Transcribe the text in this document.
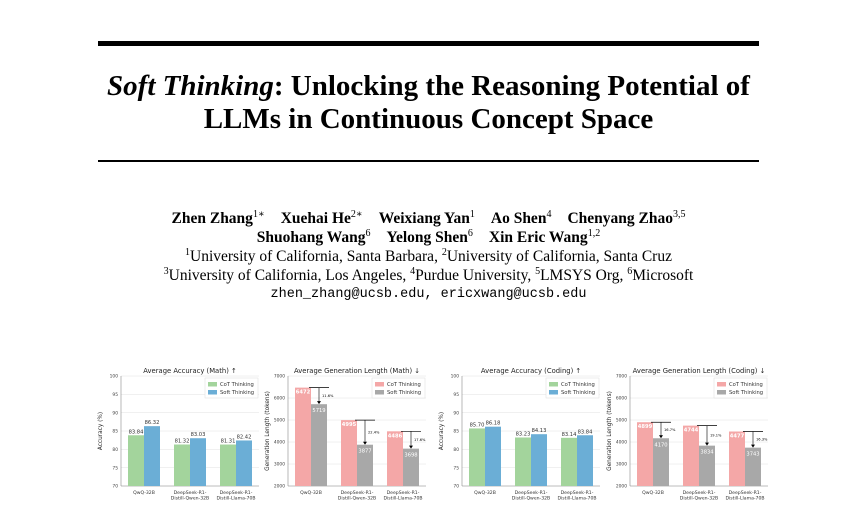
Soft Thinking: Unlocking the Reasoning Potential of
LLMs in Continuous Concept Space
Zhen Zhang$^{1∗}$ Xuehai $He^{2∗}$ Weixiang Yan$^1$ Ao Shen$^4$ Chenyang Zhao$^{3,5}$
Shuohang Wang$^6$ Yelong Shen$^6$ Xin Eric Wang$^{1,2}$
$^1$University of California, Santa Barbara, $^2$University of California, Santa Cruz
$^3$University of California, Los Angeles, $^4$Purdue University, $^5$LMSYS Org, $^6$Microsoft
zhen_zhang@ucsb.edu, ericxwang@ucsb.edu
Average Accuracy (Math) ↑
Accuracy (%)
70
75
80
85
90
95
100
83.84
86.32
QwQ-32B
81.32
83.03
DeepSeek-R1-
Distill-Qwen-32B
81.31
82.42
DeepSeek-R1-
Distill-Llama-70B
CoT Thinking
Soft Thinking
Average Generation Length (Math) ↓
Generation Length (tokens)
2000
3000
4000
5000
6000
7000
6472
5719
11.6%
QwQ-32B
4995
3877
22.4%
DeepSeek-R1-
Distill-Qwen-32B
4486
3698
17.6%
DeepSeek-R1-
Distill-Llama-70B
CoT Thinking
Soft Thinking
Average Accuracy (Coding) ↑
Accuracy (%)
70
75
80
85
90
95
100
85.70 86.18
QwQ-32B
83.23
84.13
DeepSeek-R1-
Distill-Qwen-32B
83.14 83.84
DeepSeek-R1-
Distill-Llama-70B
CoT Thinking
Soft Thinking
Average Generation Length (Coding) ↓
Generation Length (tokens)
2000
3000
4000
5000
6000
7000
4899
4170
16.7%
QwQ-32B
4744
3834
19.1%
DeepSeek-R1-
Distill-Qwen-32B
4477
3743
16.3%
DeepSeek-R1-
Distill-Llama-70B
CoT Thinking
Soft Thinking
